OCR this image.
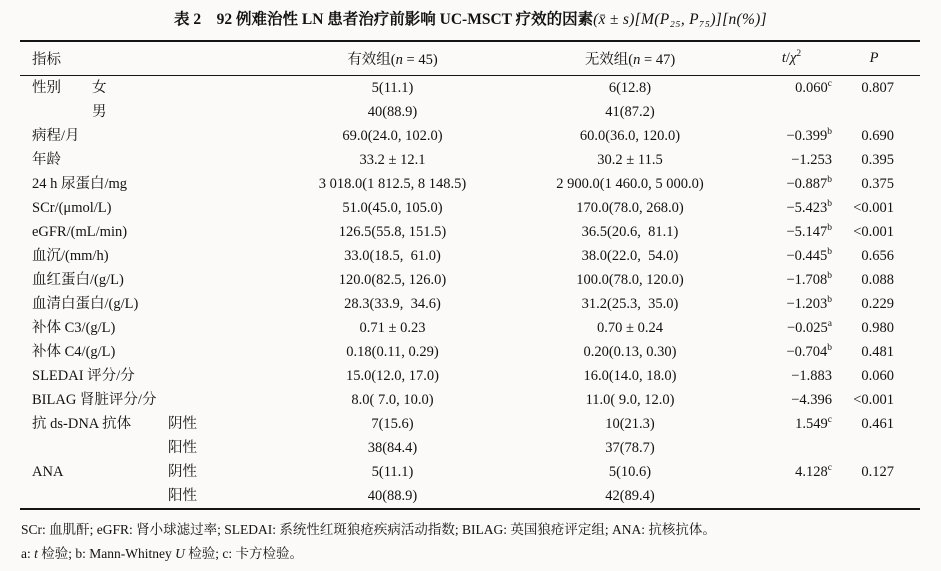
表 2　92 例难治性 LN 患者治疗前影响 UC-MSCT 疗效的因素(x̄ ± s)[M(P₂₅, P₇₅)][n(%)]
指标	有效组(n = 45)	无效组(n = 47)	$t/\chi^2$	P
性别 女	5(11.1)	6(12.8)	0.060$^c$	0.807

男	40(88.9)	41(87.2)		
病程/月	69.0(24.0, 102.0)	60.0(36.0, 120.0)	−0.399$^b$	0.690
年龄	33.2 ± 12.1	30.2 ± 11.5	−1.253	0.395
24 h 尿蛋白/mg	3 018.0(1 812.5, 8 148.5)	2 900.0(1 460.0, 5 000.0)	−0.887$^b$	0.375
SCr/(μmol/L)	51.0(45.0, 105.0)	170.0(78.0, 268.0)	−5.423$^b$	<0.001
eGFR/(mL/min)	126.5(55.8, 151.5)	36.5(20.6,  81.1)	−5.147$^b$	<0.001
血沉/(mm/h)	33.0(18.5,  61.0)	38.0(22.0,  54.0)	−0.445$^b$	0.656
血红蛋白/(g/L)	120.0(82.5, 126.0)	100.0(78.0, 120.0)	−1.708$^b$	0.088
血清白蛋白/(g/L)	28.3(33.9,  34.6)	31.2(25.3,  35.0)	−1.203$^b$	0.229
补体 C3/(g/L)	0.71 ± 0.23	0.70 ± 0.24	−0.025$^a$	0.980
补体 C4/(g/L)	0.18(0.11, 0.29)	0.20(0.13, 0.30)	−0.704$^b$	0.481
SLEDAI 评分/分	15.0(12.0, 17.0)	16.0(14.0, 18.0)	−1.883	0.060
BILAG 肾脏评分/分	8.0( 7.0, 10.0)	11.0( 9.0, 12.0)	−4.396	<0.001
抗 ds-DNA 抗体 阴性	7(15.6)	10(21.3)	1.549$^c$	0.461

阳性	38(84.4)	37(78.7)		
ANA 阴性	5(11.1)	5(10.6)	4.128$^c$	0.127

阳性	40(88.9)	42(89.4)		
SCr: 血肌酐; eGFR: 肾小球滤过率; SLEDAI: 系统性红斑狼疮疾病活动指数; BILAG: 英国狼疮评定组; ANA: 抗核抗体。
a: t 检验; b: Mann-Whitney U 检验; c: 卡方检验。
